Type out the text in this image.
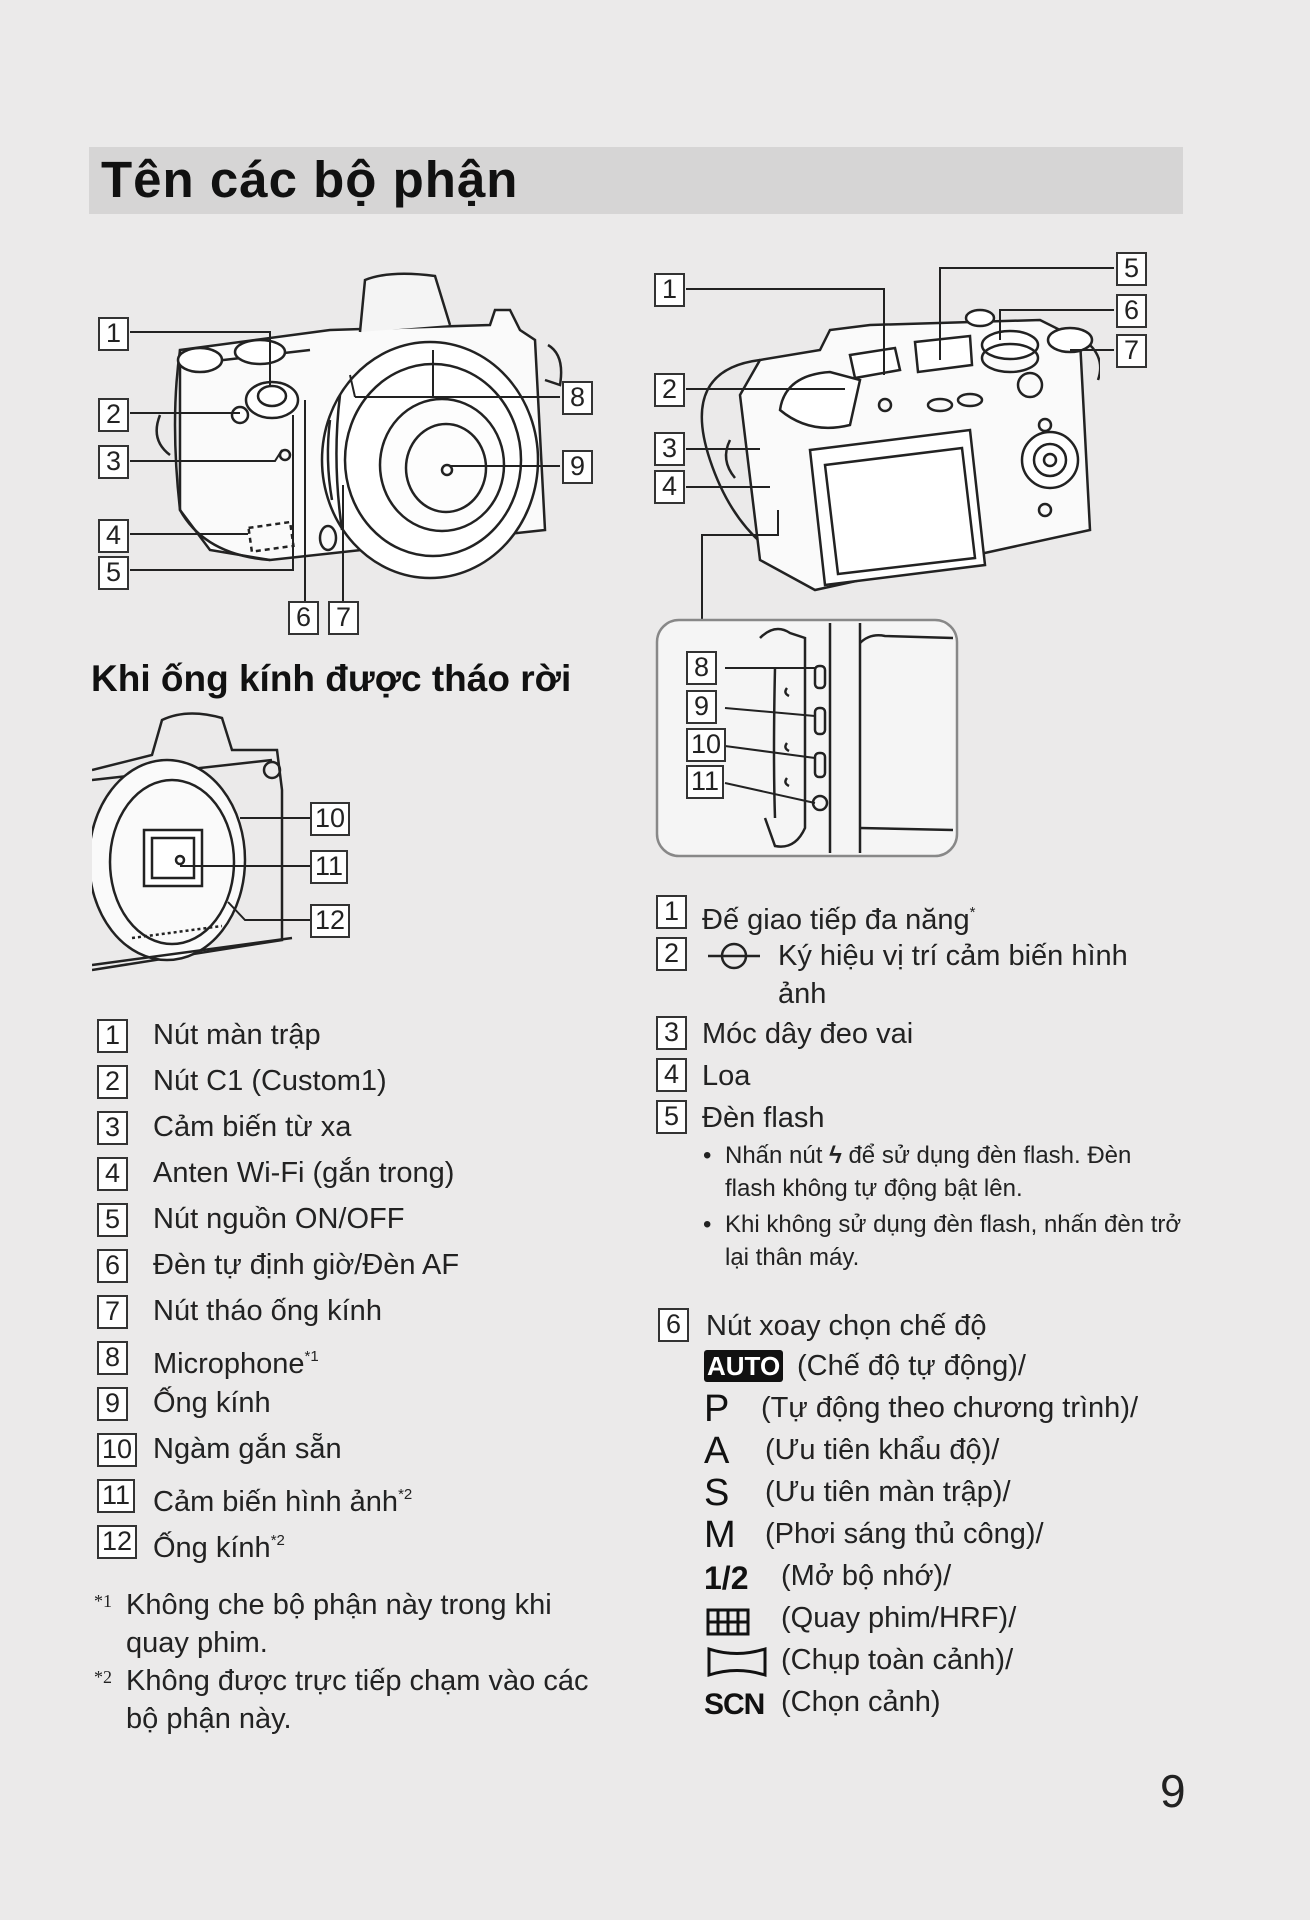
Tên các bộ phận
1
2
3
4
5
6 7
8
9
Khi ống kính được tháo rời
10
11
12
1
2
3
4
5
6
7
8
9
10
11
1 Nút màn trập
2 Nút C1 (Custom1)
3 Cảm biến từ xa
4 Anten Wi-Fi (gắn trong)
5 Nút nguồn ON/OFF
6 Đèn tự định giờ/Đèn AF
7 Nút tháo ống kính
8 Microphone$^{*1}$
9 Ống kính
10 Ngàm gắn sẵn
11 Cảm biến hình ảnh$^{*2}$
12 Ống kính$^{*2}$
*1 Không che bộ phận này trong khi quay phim.
*2 Không được trực tiếp chạm vào các bộ phận này.
1 Đế giao tiếp đa năng*
2	Ký hiệu vị trí cảm biến hình ảnh
3 Móc dây đeo vai
4 Loa
5 Đèn flash
• Nhấn nút ϟ để sử dụng đèn flash. Đèn flash không tự động bật lên.
• Khi không sử dụng đèn flash, nhấn đèn trở lại thân máy.
6 Nút xoay chọn chế độ
AUTO (Chế độ tự động)/
P	(Tự động theo chương trình)/
A	(Ưu tiên khẩu độ)/
S	(Ưu tiên màn trập)/
M	(Phơi sáng thủ công)/
1/2	(Mở bộ nhớ)/
(Quay phim/HRF)/
(Chụp toàn cảnh)/
SCN (Chọn cảnh)
9
